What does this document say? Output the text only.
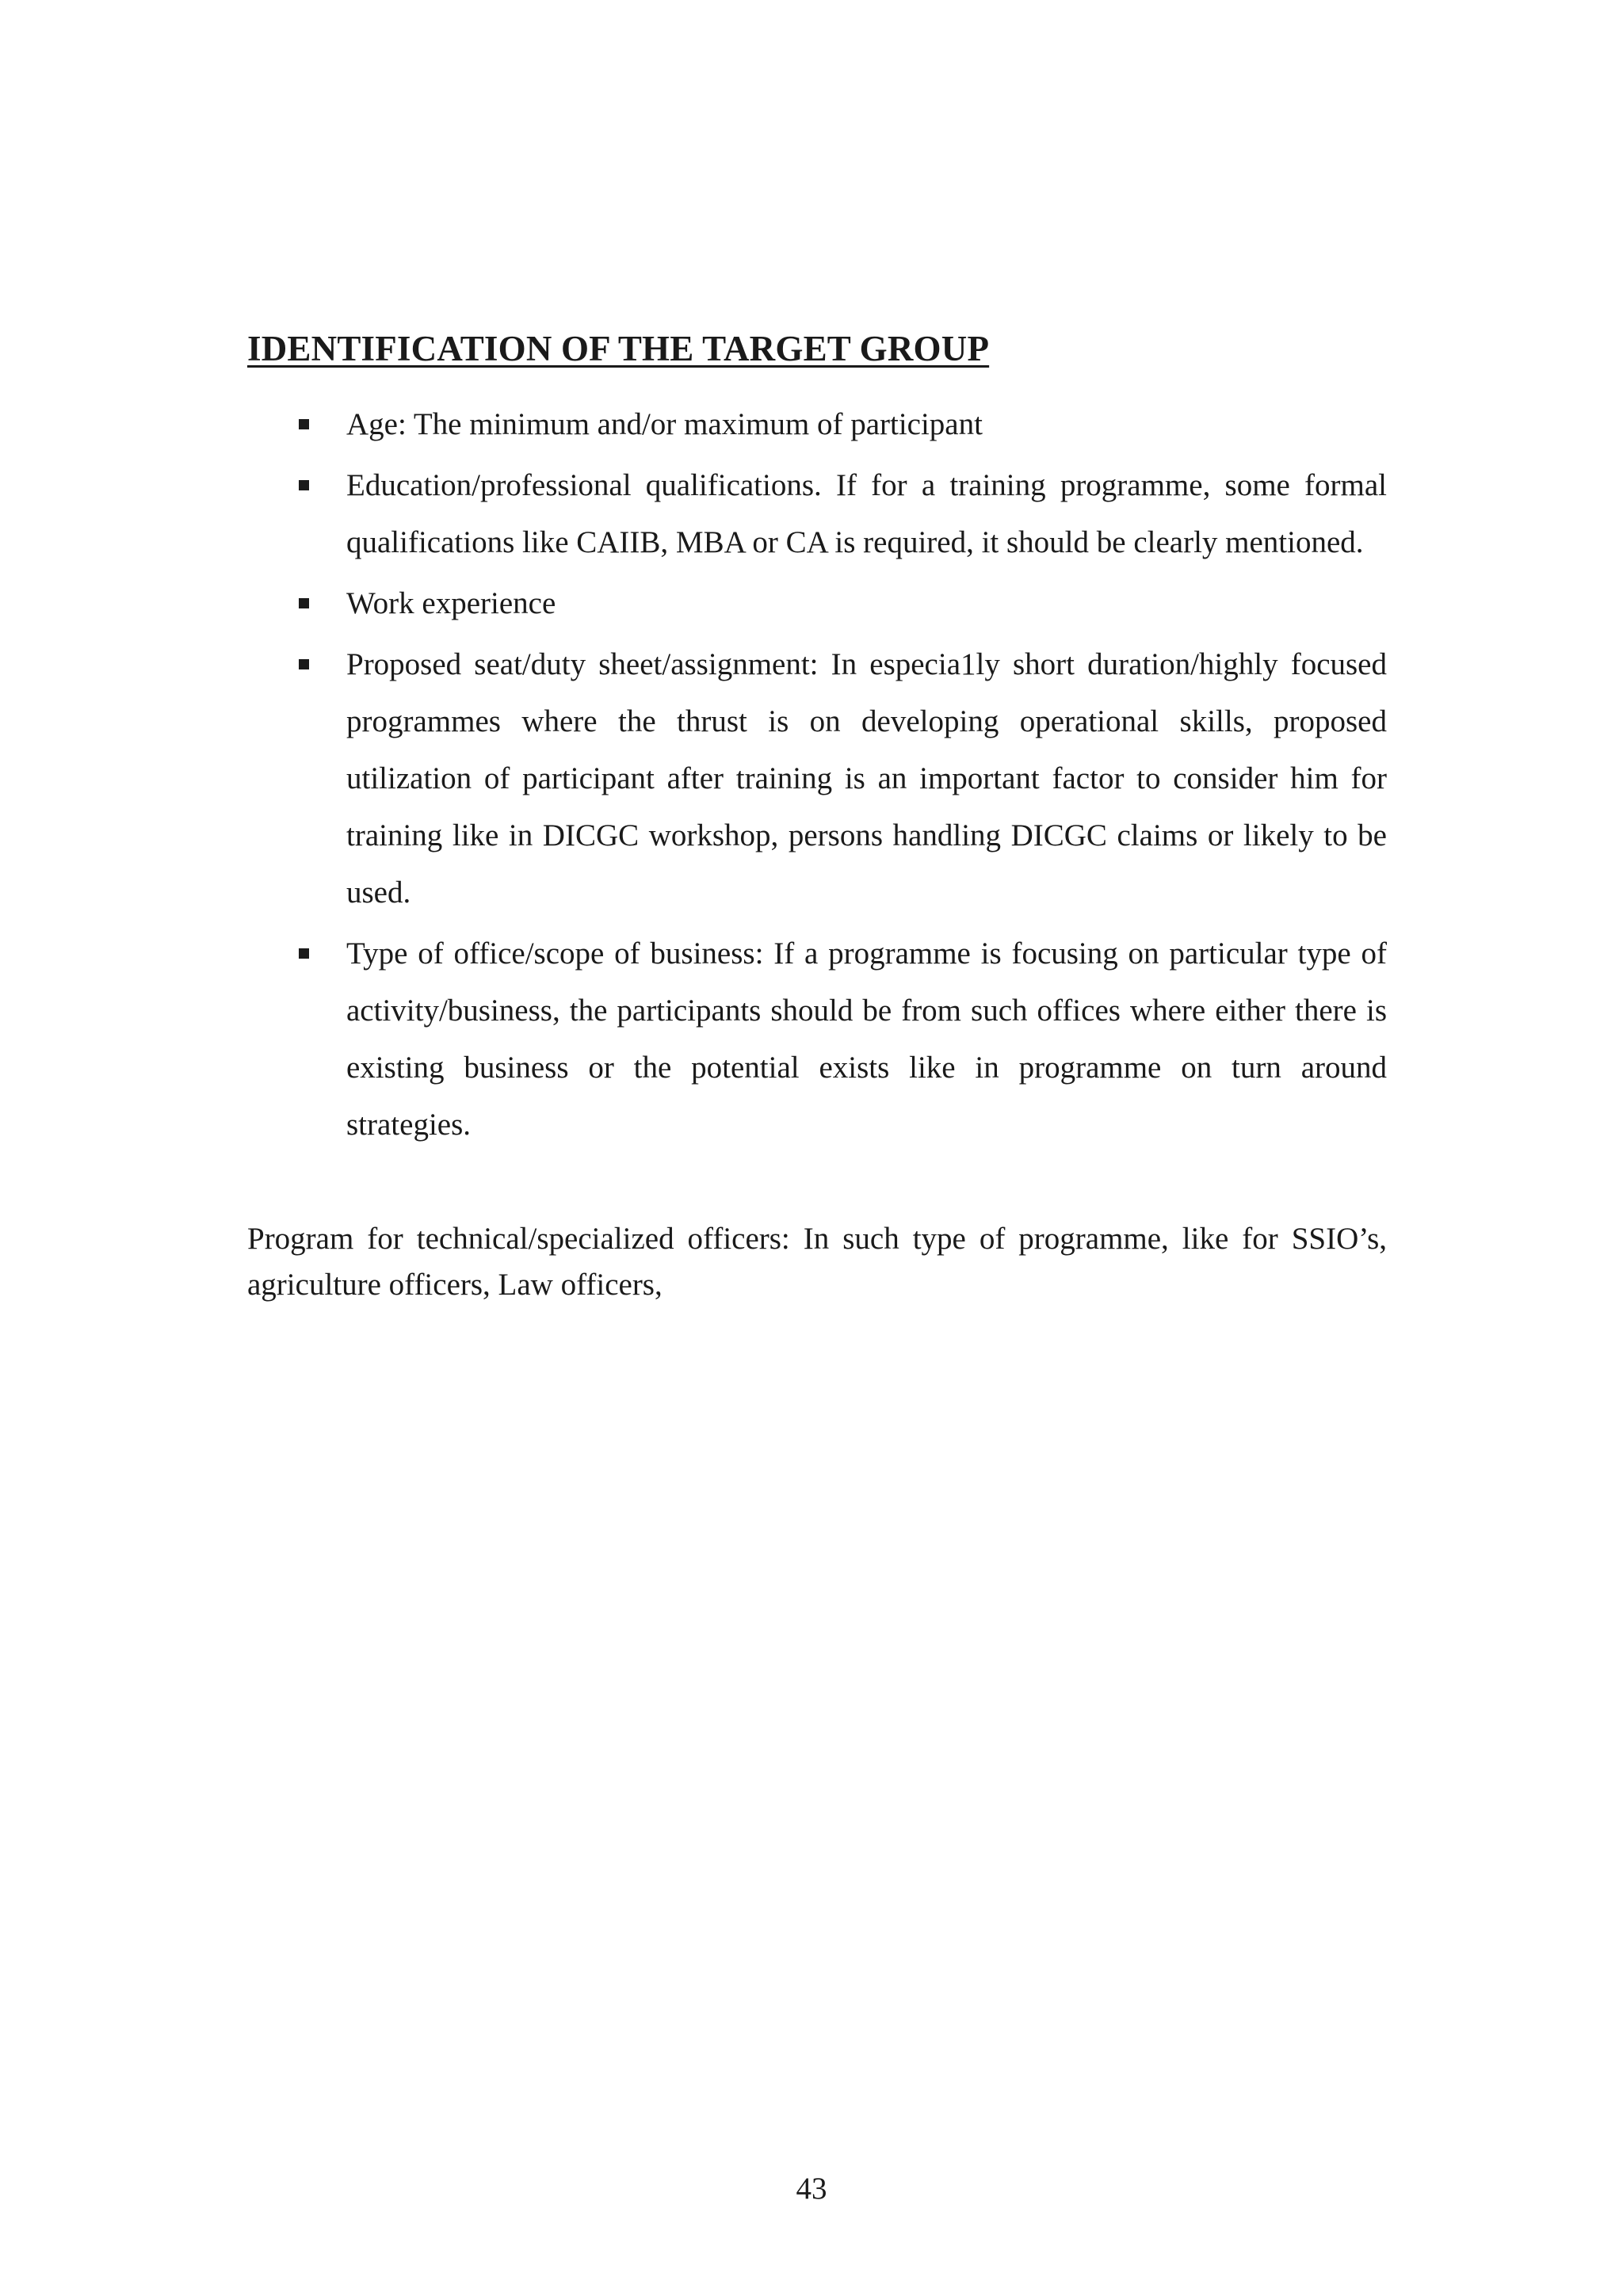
IDENTIFICATION OF THE TARGET GROUP
Age: The minimum and/or maximum of participant
Education/professional qualifications. If for a training programme, some formal qualifications like CAIIB, MBA or CA is required, it should be clearly mentioned.
Work experience
Proposed seat/duty sheet/assignment: In especia1ly short duration/highly focused programmes where the thrust is on developing operational skills, proposed utilization of participant after training is an important factor to consider him for training like in DICGC workshop, persons handling DICGC claims or likely to be used.
Type of office/scope of business: If a programme is focusing on particular type of activity/business, the participants should be from such offices where either there is existing business or the potential exists like in programme on turn around strategies.

Program for technical/specialized officers: In such type of programme, like for SSIO’s, agriculture officers, Law officers,

43
